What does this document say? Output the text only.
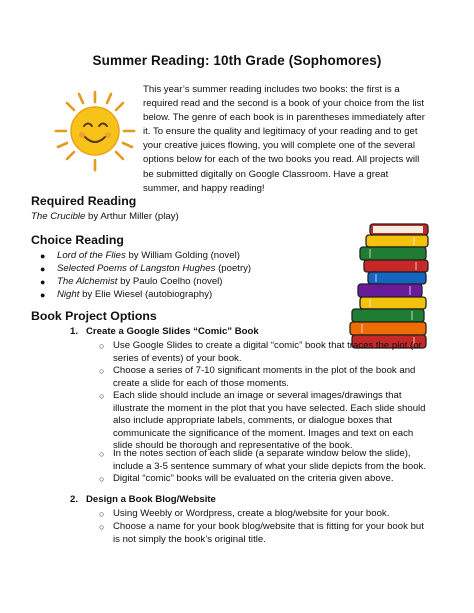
Summer Reading: 10th Grade (Sophomores)
This year’s summer reading includes two books: the first is a required read and the second is a book of your choice from the list below. The genre of each book is in parentheses immediately after it. To ensure the quality and legitimacy of your reading and to get your creative juices flowing, you will complete one of the several options below for each of the two books you read. All projects will be submitted digitally on Google Classroom. Have a great summer, and happy reading!
Required Reading
The Crucible by Arthur Miller (play)
Choice Reading
● Lord of the Flies by William Golding (novel)
● Selected Poems of Langston Hughes (poetry)
● The Alchemist by Paulo Coelho (novel)
● Night by Elie Wiesel (autobiography)
Book Project Options
1. Create a Google Slides “Comic” Book
○ Use Google Slides to create a digital “comic” book that traces the plot (or series of events) of your book.
○ Choose a series of 7-10 significant moments in the plot of the book and create a slide for each of those moments.
○ Each slide should include an image or several images/drawings that illustrate the moment in the plot that you have selected. Each slide should also include appropriate labels, comments, or dialogue boxes that communicate the significance of the moment. Images and text on each slide should be thorough and representative of the book.
○ In the notes section of each slide (a separate window below the slide), include a 3-5 sentence summary of what your slide depicts from the book.
○ Digital “comic” books will be evaluated on the criteria given above.
2. Design a Book Blog/Website
○ Using Weebly or Wordpress, create a blog/website for your book.
○ Choose a name for your book blog/website that is fitting for your book but is not simply the book’s original title.
